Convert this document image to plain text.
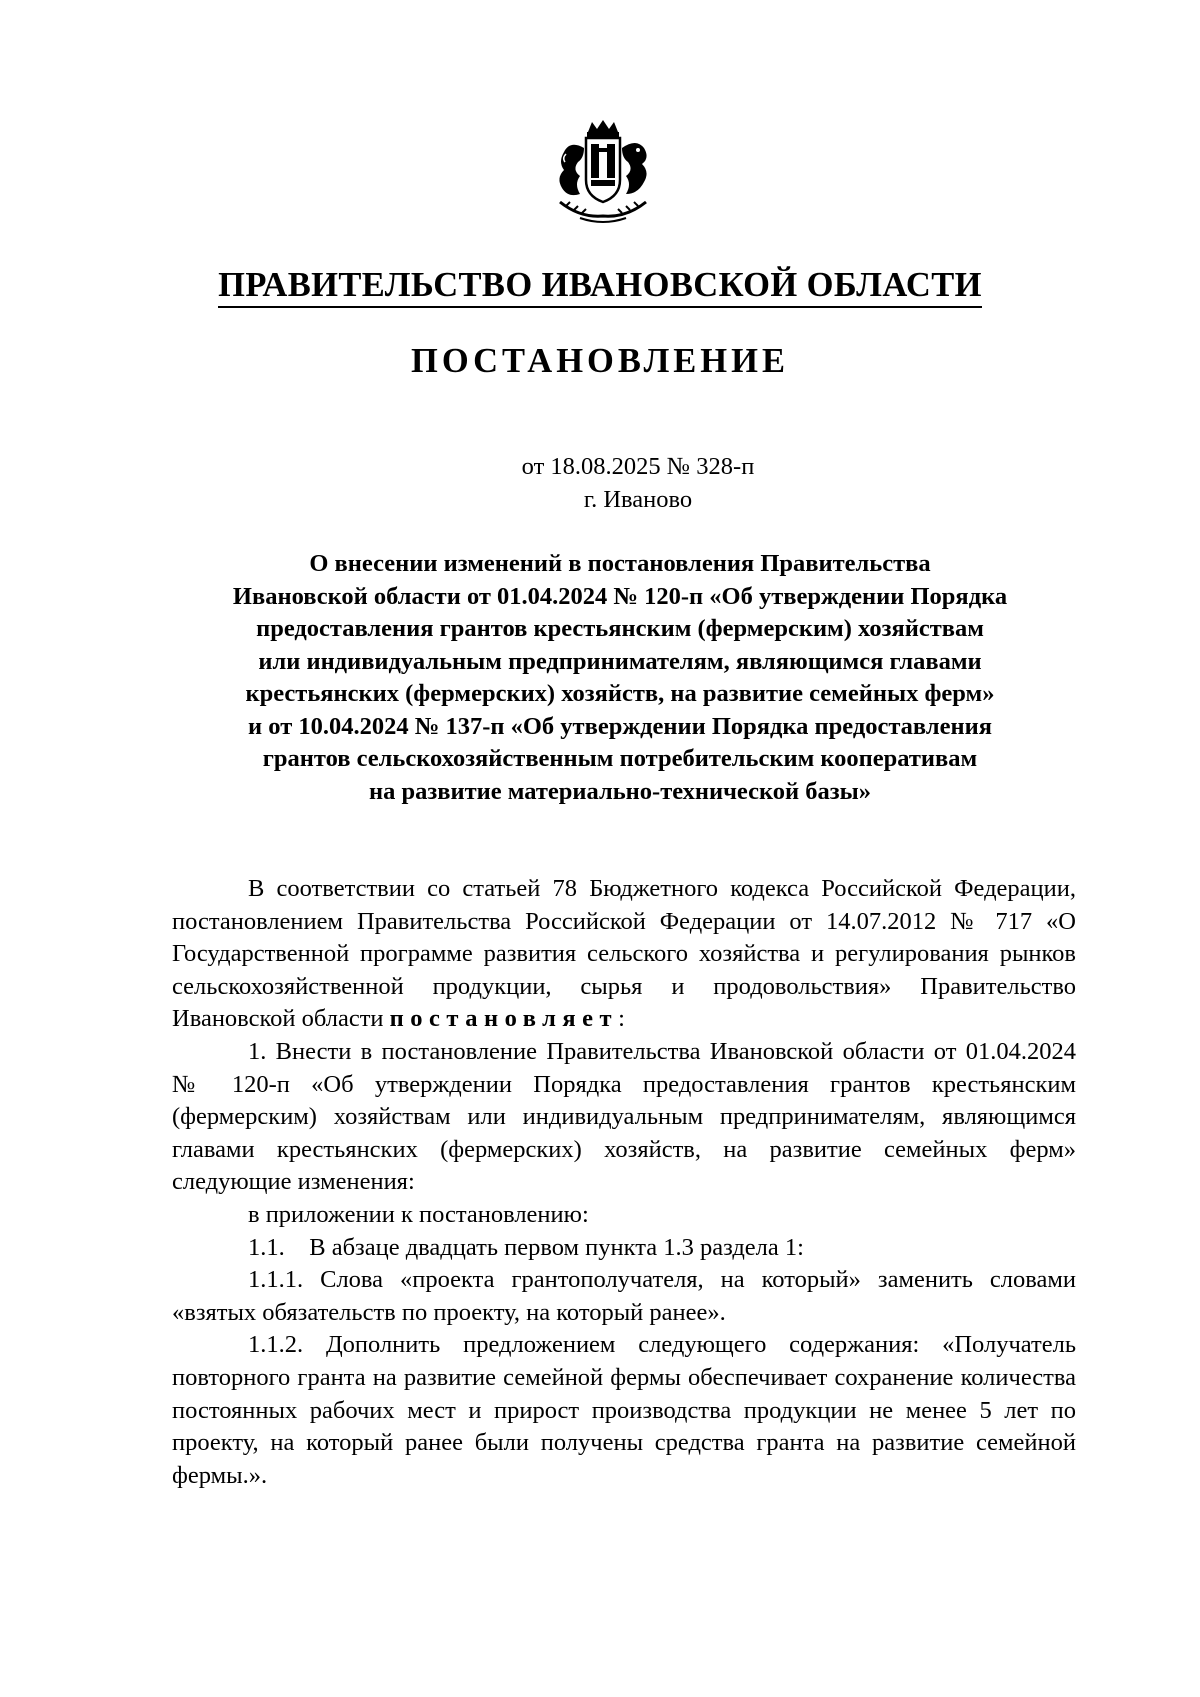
ПРАВИТЕЛЬСТВО ИВАНОВСКОЙ ОБЛАСТИ
ПОСТАНОВЛЕНИЕ
от 18.08.2025 № 328-п
г. Иваново
О внесении изменений в постановления Правительства
Ивановской области от 01.04.2024 № 120-п «Об утверждении Порядка
предоставления грантов крестьянским (фермерским) хозяйствам
или индивидуальным предпринимателям, являющимся главами
крестьянских (фермерских) хозяйств, на развитие семейных ферм»
и от 10.04.2024 № 137-п «Об утверждении Порядка предоставления
грантов сельскохозяйственным потребительским кооперативам
на развитие материально-технической базы»

В соответствии со статьей 78 Бюджетного кодекса Российской Федерации, постановлением Правительства Российской Федерации от 14.07.2012 № 717 «О Государственной программе развития сельского хозяйства и регулирования рынков сельскохозяйственной продукции, сырья и продовольствия» Правительство Ивановской области постановляет:

1. Внести в постановление Правительства Ивановской области от 01.04.2024 № 120-п «Об утверждении Порядка предоставления грантов крестьянским (фермерским) хозяйствам или индивидуальным предпринимателям, являющимся главами крестьянских (фермерских) хозяйств, на развитие семейных ферм» следующие изменения:

в приложении к постановлению:

1.1. В абзаце двадцать первом пункта 1.3 раздела 1:

1.1.1. Слова «проекта грантополучателя, на который» заменить словами «взятых обязательств по проекту, на который ранее».

1.1.2. Дополнить предложением следующего содержания: «Получатель повторного гранта на развитие семейной фермы обеспечивает сохранение количества постоянных рабочих мест и прирост производства продукции не менее 5 лет по проекту, на который ранее были получены средства гранта на развитие семейной фермы.».
